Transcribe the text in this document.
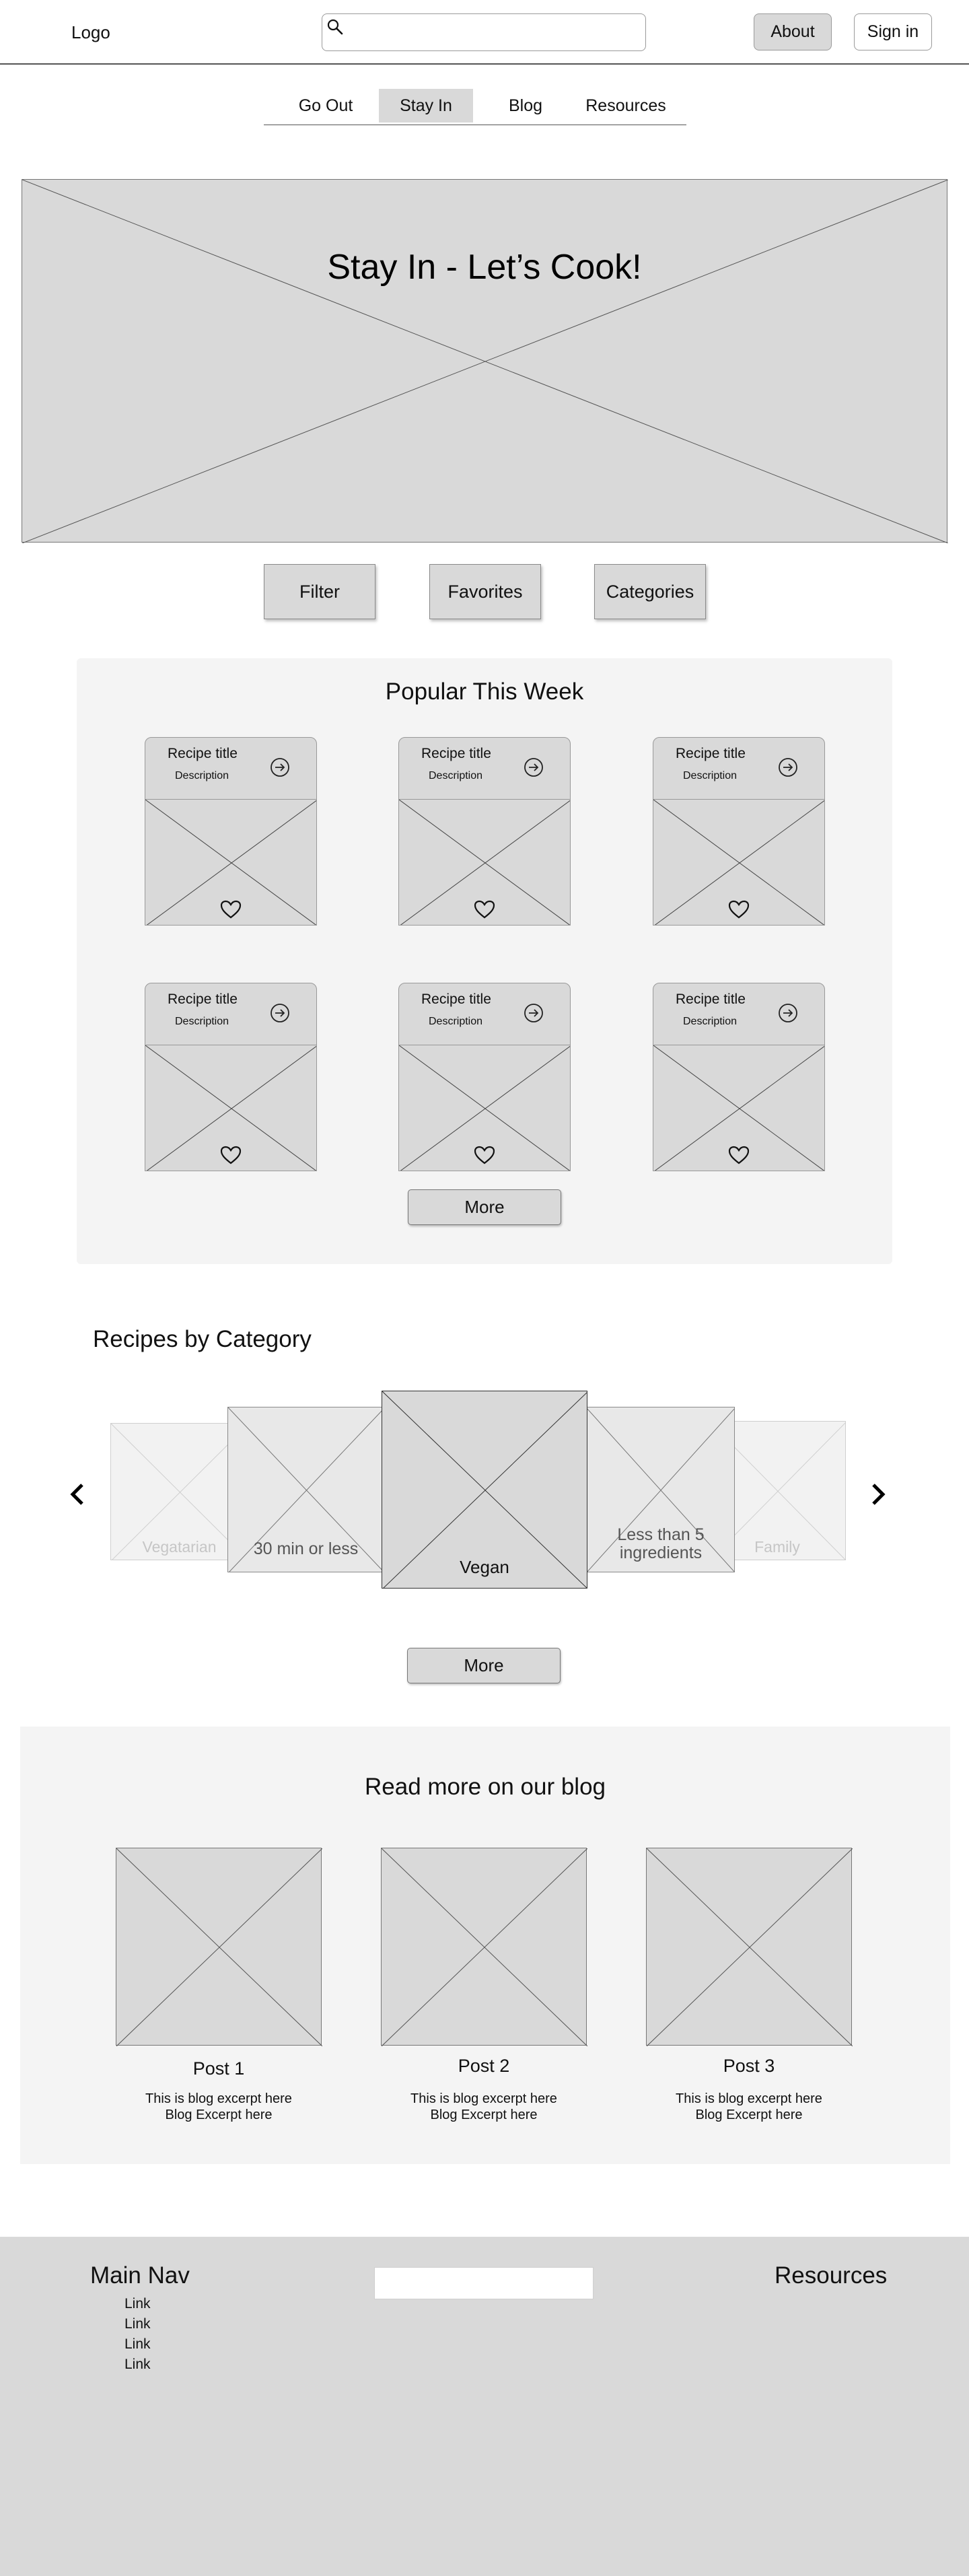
Logo	About	Sign in
Go Out	Stay In	Blog	Resources
Stay In - Let’s Cook!
Filter	Favorites	Categories
Popular This Week
Recipe title
Description
Recipe title
Description
Recipe title
Description
Recipe title
Description
Recipe title
Description
Recipe title
Description
More
Recipes by Category
Vegatarian	Family
30 min or less
Less than 5 ingredients
Vegan
More
Read more on our blog
Post 1
This is blog excerpt here
Blog Excerpt here
Post 2
This is blog excerpt here
Blog Excerpt here
Post 3
This is blog excerpt here
Blog Excerpt here
Main Nav
Link
Link
Link
Link
Resources
